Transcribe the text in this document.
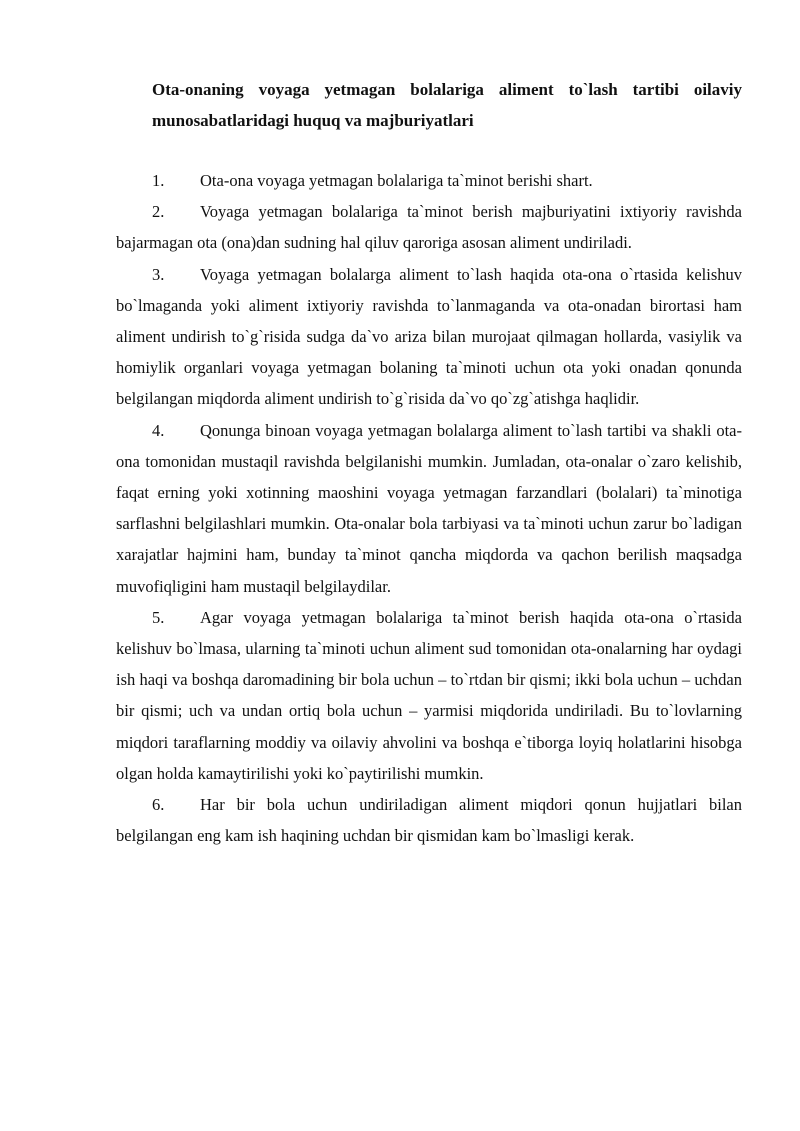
Ota-onaning voyaga yetmagan bolalariga aliment to`lash tartibi oilaviy munosabatlaridagi huquq va majburiyatlari

1. Ota-ona voyaga yetmagan bolalariga ta`minot berishi shart.

2. Voyaga yetmagan bolalariga ta`minot berish majburiyatini ixtiyoriy ravishda bajarmagan ota (ona)dan sudning hal qiluv qaroriga asosan aliment undiriladi.

3. Voyaga yetmagan bolalarga aliment to`lash haqida ota-ona o`rtasida kelishuv bo`lmaganda yoki aliment ixtiyoriy ravishda to`lanmaganda va ota-onadan birortasi ham aliment undirish to`g`risida sudga da`vo ariza bilan murojaat qilmagan hollarda, vasiylik va homiylik organlari voyaga yetmagan bolaning ta`minoti uchun ota yoki onadan qonunda belgilangan miqdorda aliment undirish to`g`risida da`vo qo`zg`atishga haqlidir.

4. Qonunga binoan voyaga yetmagan bolalarga aliment to`lash tartibi va shakli ota-ona tomonidan mustaqil ravishda belgilanishi mumkin. Jumladan, ota-onalar o`zaro kelishib, faqat erning yoki xotinning maoshini voyaga yetmagan farzandlari (bolalari) ta`minotiga sarflashni belgilashlari mumkin. Ota-onalar bola tarbiyasi va ta`minoti uchun zarur bo`ladigan xarajatlar hajmini ham, bunday ta`minot qancha miqdorda va qachon berilish maqsadga muvofiqligini ham mustaqil belgilaydilar.

5. Agar voyaga yetmagan bolalariga ta`minot berish haqida ota-ona o`rtasida kelishuv bo`lmasa, ularning ta`minoti uchun aliment sud tomonidan ota-onalarning har oydagi ish haqi va boshqa daromadining bir bola uchun – to`rtdan bir qismi; ikki bola uchun – uchdan bir qismi; uch va undan ortiq bola uchun – yarmisi miqdorida undiriladi. Bu to`lovlarning miqdori taraflarning moddiy va oilaviy ahvolini va boshqa e`tiborga loyiq holatlarini hisobga olgan holda kamaytirilishi yoki ko`paytirilishi mumkin.

6. Har bir bola uchun undiriladigan aliment miqdori qonun hujjatlari bilan belgilangan eng kam ish haqining uchdan bir qismidan kam bo`lmasligi kerak.
